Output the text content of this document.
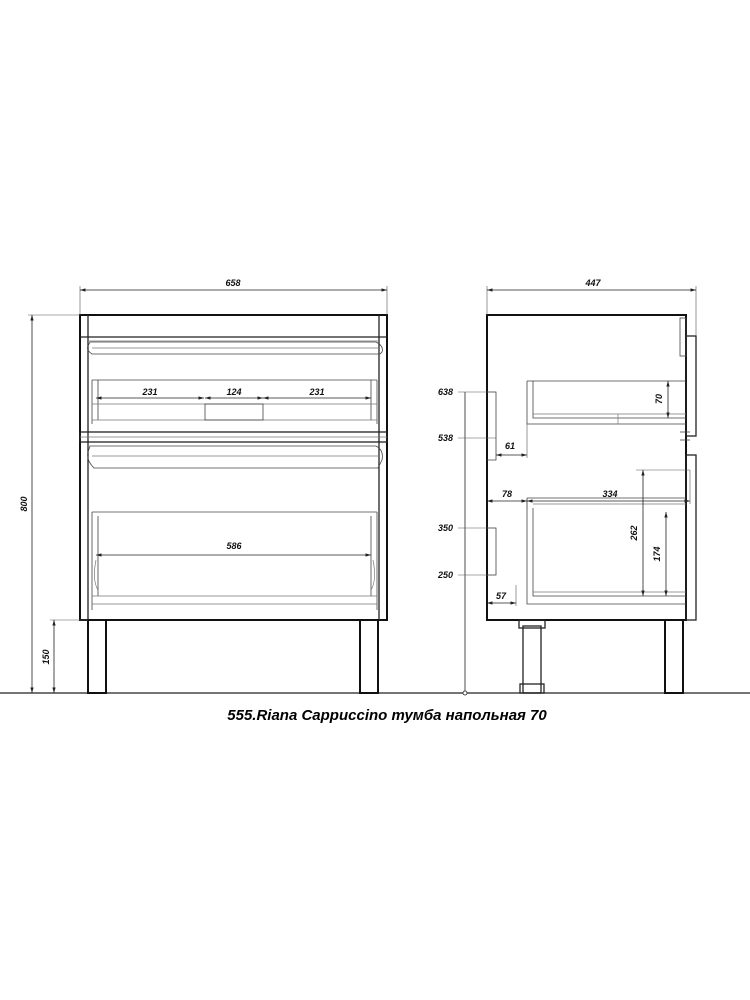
658
800
150
231	124	231
586
447
638
538
350
250
61
78	334
57
70
262
174
555.Riana Cappuccino тумба напольная 70
